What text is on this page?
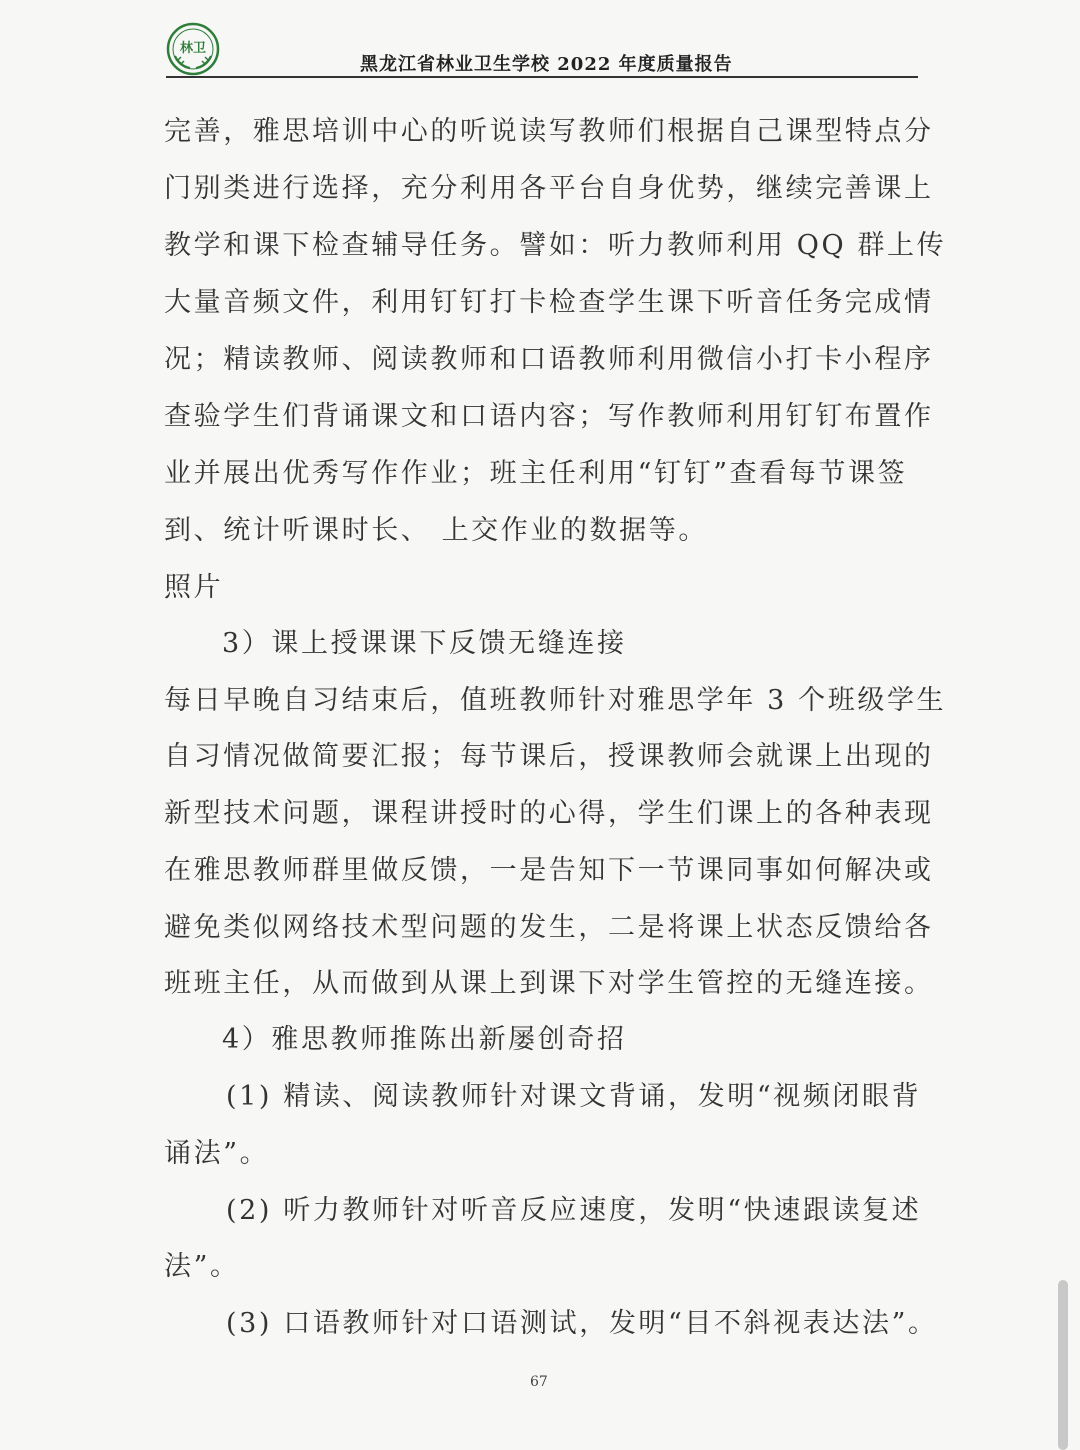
林卫
黑龙江省林业卫生学校 2022 年度质量报告
完善，雅思培训中心的听说读写教师们根据自己课型特点分
门别类进行选择，充分利用各平台自身优势，继续完善课上
教学和课下检查辅导任务。譬如：听力教师利用 QQ 群上传
大量音频文件，利用钉钉打卡检查学生课下听音任务完成情
况；精读教师、阅读教师和口语教师利用微信小打卡小程序
查验学生们背诵课文和口语内容；写作教师利用钉钉布置作
业并展出优秀写作作业；班主任利用“钉钉”查看每节课签
到、统计听课时长、 上交作业的数据等。
照片
3）课上授课课下反馈无缝连接
每日早晚自习结束后，值班教师针对雅思学年 3 个班级学生
自习情况做简要汇报；每节课后，授课教师会就课上出现的
新型技术问题，课程讲授时的心得，学生们课上的各种表现
在雅思教师群里做反馈，一是告知下一节课同事如何解决或
避免类似网络技术型问题的发生，二是将课上状态反馈给各
班班主任，从而做到从课上到课下对学生管控的无缝连接。
4）雅思教师推陈出新屡创奇招
(1) 精读、阅读教师针对课文背诵，发明“视频闭眼背
诵法”。
(2) 听力教师针对听音反应速度，发明“快速跟读复述
法”。
(3) 口语教师针对口语测试，发明“目不斜视表达法”。
67
